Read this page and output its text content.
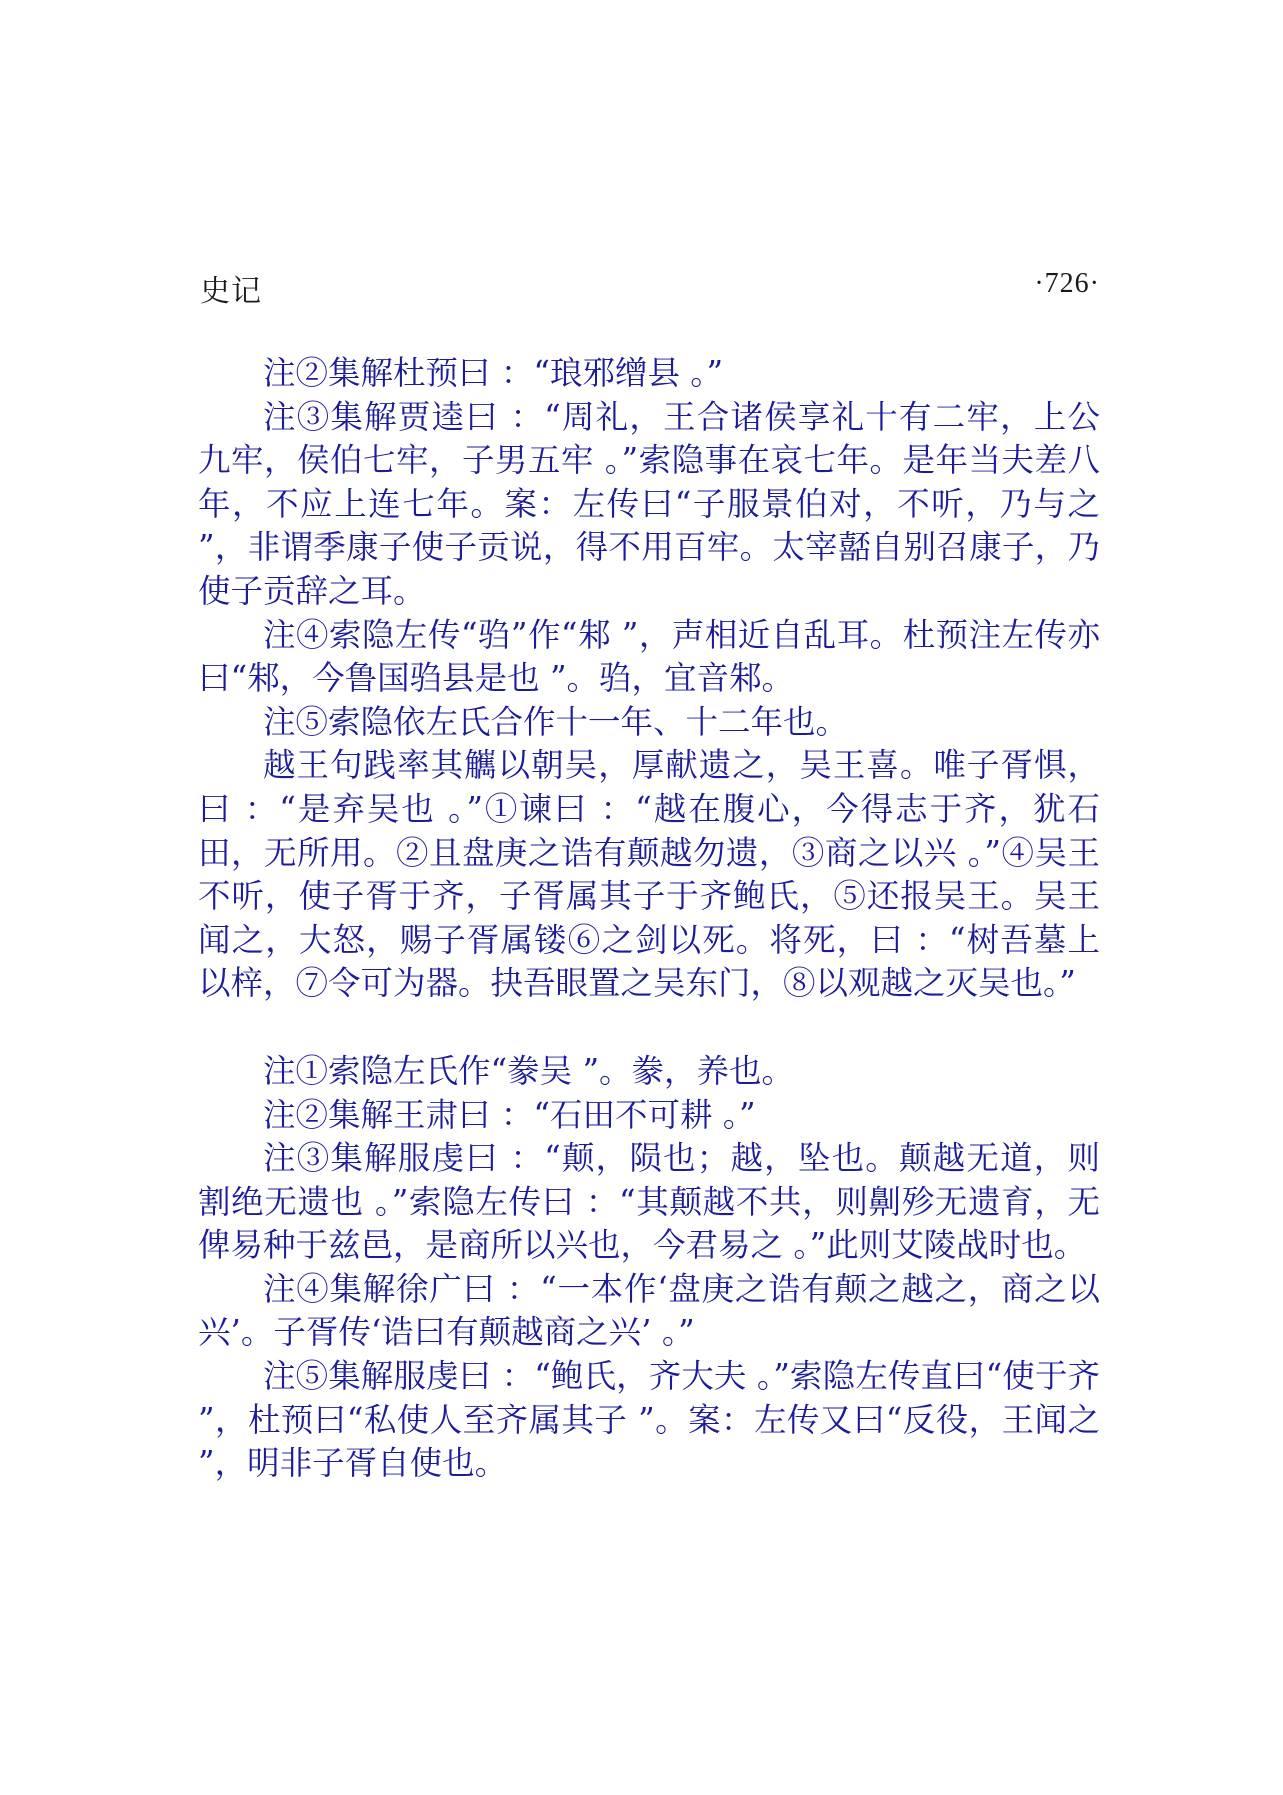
史记	·726·

注②集解杜预曰 ：“琅邪缯县 。”

注③集解贾逵曰 ：“周礼，王合诸侯享礼十有二牢，上公九牢，侯伯七牢，子男五牢 。”索隐事在哀七年。是年当夫差八年，不应上连七年。案：左传曰“子服景伯对，不听，乃与之 ”，非谓季康子使子贡说，得不用百牢。太宰嚭自别召康子，乃使子贡辞之耳。

注④索隐左传“驺”作“邾 ”，声相近自乱耳。杜预注左传亦曰“邾，今鲁国驺县是也 ”。驺，宜音邾。

注⑤索隐依左氏合作十一年、十二年也。

越王句践率其觽以朝吴，厚献遗之，吴王喜。唯子胥惧，曰 ：“是弃吴也 。”①谏曰 ：“越在腹心，今得志于齐，犹石田，无所用。②且盘庚之诰有颠越勿遗，③商之以兴 。”④吴王不听，使子胥于齐，子胥属其子于齐鲍氏，⑤还报吴王。吴王闻之，大怒，赐子胥属镂⑥之剑以死。将死，曰 ：“树吾墓上以梓，⑦令可为器。抉吾眼置之吴东门，⑧以观越之灭吴也。”

注①索隐左氏作“豢吴 ”。豢，养也。

注②集解王肃曰 ：“石田不可耕 。”

注③集解服虔曰 ：“颠，陨也；越，坠也。颠越无道，则割绝无遗也 。”索隐左传曰 ：“其颠越不共，则劓殄无遗育，无俾易种于兹邑，是商所以兴也，今君易之 。”此则艾陵战时也。

注④集解徐广曰 ：“一本作‘盘庚之诰有颠之越之，商之以兴’。子胥传‘诰曰有颠越商之兴’ 。”

注⑤集解服虔曰 ：“鲍氏，齐大夫 。”索隐左传直曰“使于齐 ”，杜预曰“私使人至齐属其子 ”。案：左传又曰“反役，王闻之 ”，明非子胥自使也。
